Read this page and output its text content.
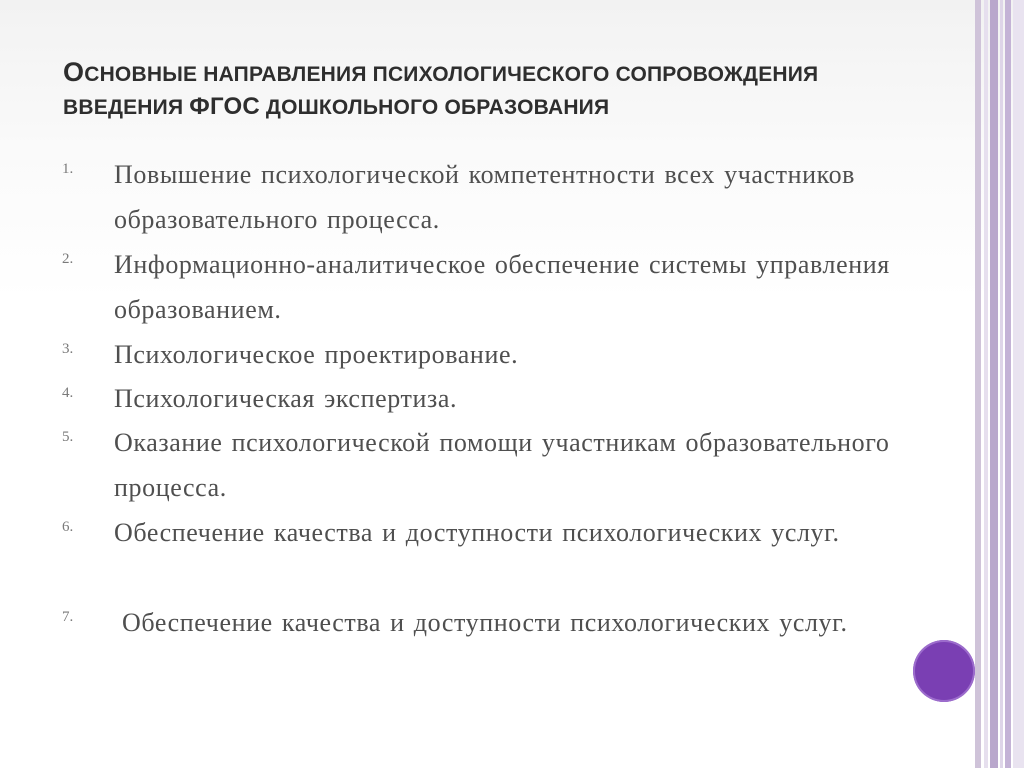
ОСНОВНЫЕ НАПРАВЛЕНИЯ ПСИХОЛОГИЧЕСКОГО СОПРОВОЖДЕНИЯ
ВВЕДЕНИЯ ФГОС ДОШКОЛЬНОГО ОБРАЗОВАНИЯ
1. Повышение психологической компетентности всех участников образовательного процесса.
2. Информационно-аналитическое обеспечение системы управления образованием.
3. Психологическое проектирование.
4. Психологическая экспертиза.
5. Оказание психологической помощи участникам образовательного процесса.
6. Обеспечение качества и доступности психологических услуг.
7.	Обеспечение качества и доступности психологических услуг.
